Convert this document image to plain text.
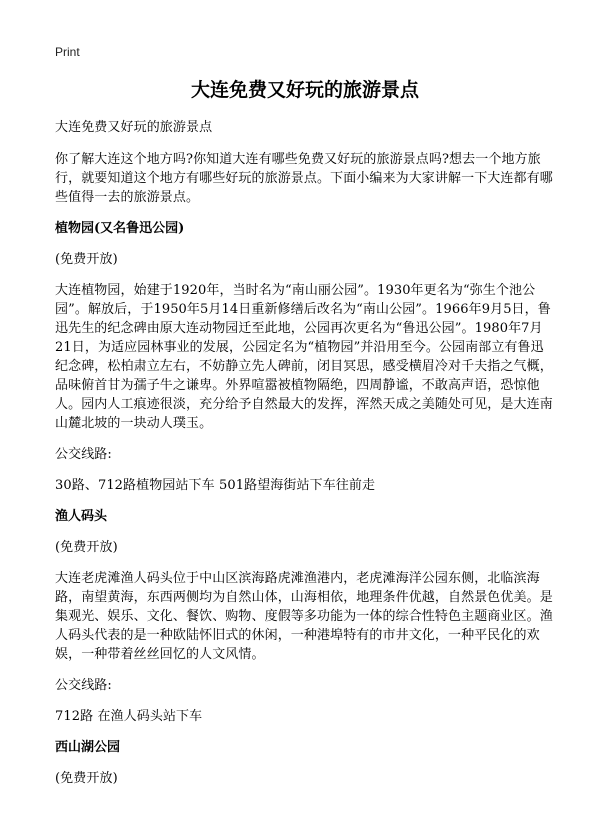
Print
大连免费又好玩的旅游景点

大连免费又好玩的旅游景点

你了解大连这个地方吗?你知道大连有哪些免费又好玩的旅游景点吗?想去一个地方旅行，就要知道这个地方有哪些好玩的旅游景点。下面小编来为大家讲解一下大连都有哪些值得一去的旅游景点。

植物园(又名鲁迅公园)

(免费开放)

大连植物园，始建于1920年，当时名为“南山丽公园”。1930年更名为“弥生个池公园”。解放后，于1950年5月14日重新修缮后改名为“南山公园”。1966年9月5日，鲁迅先生的纪念碑由原大连动物园迁至此地，公园再次更名为“鲁迅公园”。1980年7月21日，为适应园林事业的发展，公园定名为“植物园”并沿用至今。公园南部立有鲁迅纪念碑，松柏肃立左右，不妨静立先人碑前，闭目冥思，感受横眉冷对千夫指之气概，品味俯首甘为孺子牛之谦卑。外界喧嚣被植物隔绝，四周静谧，不敢高声语，恐惊他人。园内人工痕迹很淡，充分给予自然最大的发挥，浑然天成之美随处可见，是大连南山麓北坡的一块动人璞玉。

公交线路:

30路、712路植物园站下车 501路望海街站下车往前走

渔人码头

(免费开放)

大连老虎滩渔人码头位于中山区滨海路虎滩渔港内，老虎滩海洋公园东侧，北临滨海路，南望黄海，东西两侧均为自然山体，山海相依，地理条件优越，自然景色优美。是集观光、娱乐、文化、餐饮、购物、度假等多功能为一体的综合性特色主题商业区。渔人码头代表的是一种欧陆怀旧式的休闲，一种港埠特有的市井文化，一种平民化的欢娱，一种带着丝丝回忆的人文风情。

公交线路:

712路 在渔人码头站下车

西山湖公园

(免费开放)
